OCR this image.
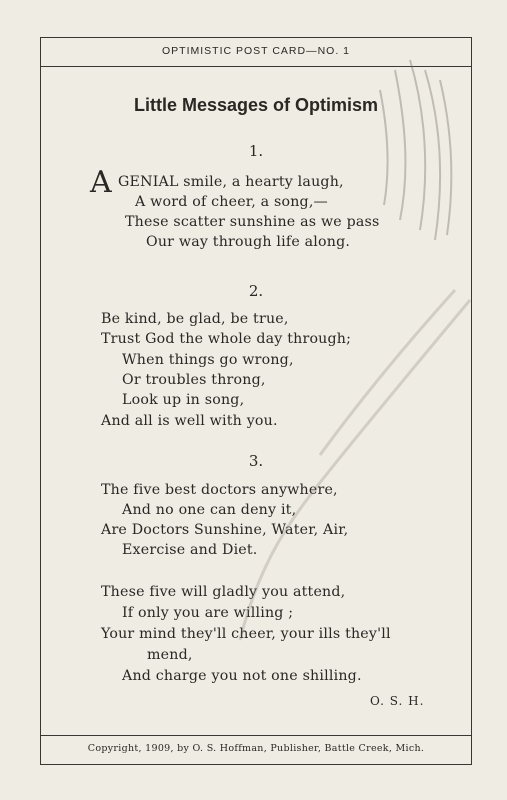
OPTIMISTIC POST CARD—NO. 1
Little Messages of Optimism
1.
A GENIAL smile, a hearty laugh,
A word of cheer, a song,—
These scatter sunshine as we pass
Our way through life along.
2.
Be kind, be glad, be true,
Trust God the whole day through;
When things go wrong,
Or troubles throng,
Look up in song,
And all is well with you.
3.
The five best doctors anywhere,
And no one can deny it,
Are Doctors Sunshine, Water, Air,
Exercise and Diet.
These five will gladly you attend,
If only you are willing ;
Your mind they'll cheer, your ills they'll
mend,
And charge you not one shilling.
O. S. H.
Copyright, 1909, by O. S. Hoffman, Publisher, Battle Creek, Mich.
